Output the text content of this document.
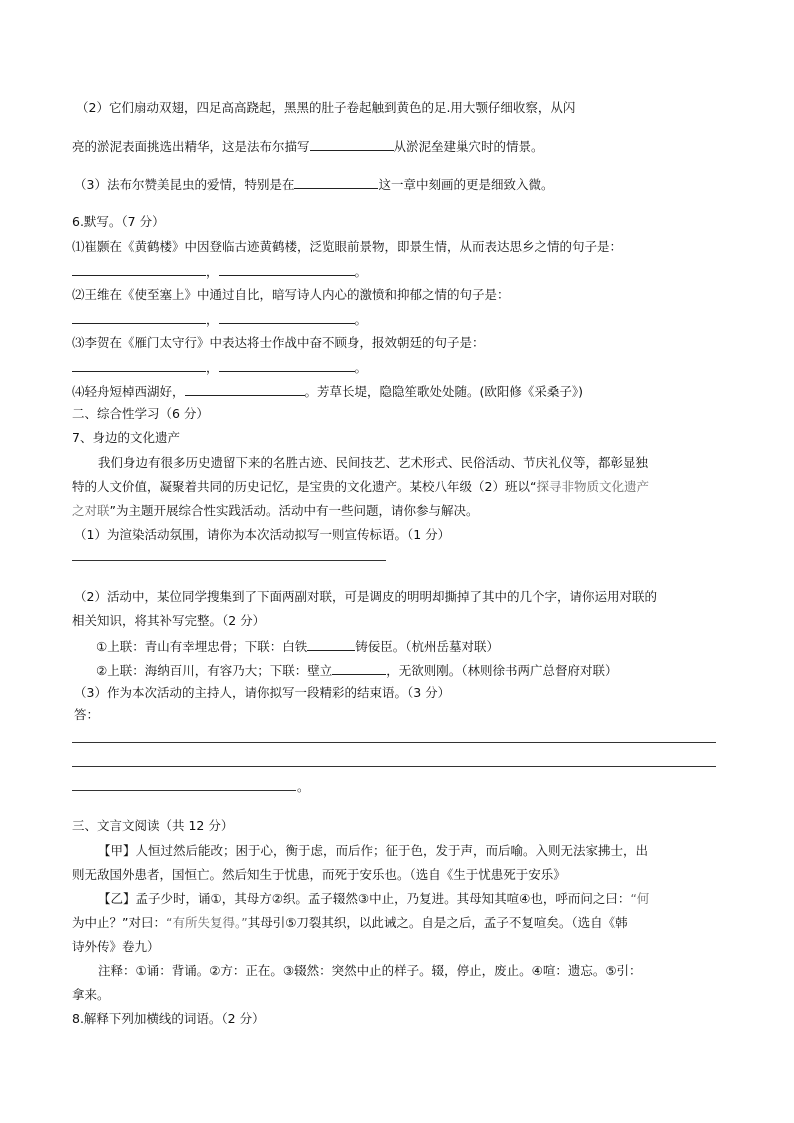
（2）它们扇动双翅，四足高高跷起，黑黑的肚子卷起触到黄色的足.用大颚仔细收察，从闪
亮的淤泥表面挑选出精华，这是法布尔描写	从淤泥垒建巢穴时的情景。
（3）法布尔赞美昆虫的爱情，特别是在	这一章中刻画的更是细致入微。
6.默写。（7 分）
⑴崔颢在《黄鹤楼》中因登临古迹黄鹤楼，泛览眼前景物，即景生情，从而表达思乡之情的句子是：
，	。
⑵王维在《使至塞上》中通过自比，暗写诗人内心的激愤和抑郁之情的句子是：
，	。
⑶李贺在《雁门太守行》中表达将士作战中奋不顾身，报效朝廷的句子是：
，	。
⑷轻舟短棹西湖好，	。芳草长堤，隐隐笙歌处处随。(欧阳修《采桑子》)
二、综合性学习（6 分）
7、身边的文化遗产
我们身边有很多历史遗留下来的名胜古迹、民间技艺、艺术形式、民俗活动、节庆礼仪等，都彰显独
特的人文价值，凝聚着共同的历史记忆，是宝贵的文化遗产。某校八年级（2）班以“探寻非物质文化遗产
之对联”为主题开展综合性实践活动。活动中有一些问题，请你参与解决。
（1）为渲染活动氛围，请你为本次活动拟写一则宣传标语。（1 分）
（2）活动中，某位同学搜集到了下面两副对联，可是调皮的明明却撕掉了其中的几个字，请你运用对联的
相关知识，将其补写完整。（2 分）
①上联：青山有幸埋忠骨；下联：白铁	铸佞臣。（杭州岳墓对联）
②上联：海纳百川，有容乃大；下联：壁立	，无欲则刚。（林则徐书两广总督府对联）
（3）作为本次活动的主持人，请你拟写一段精彩的结束语。（3 分）
答：
。
三、文言文阅读（共 12 分）
【甲】人恒过然后能改；困于心，衡于虑，而后作；征于色，发于声，而后喻。入则无法家拂士，出
则无敌国外患者，国恒亡。然后知生于忧患，而死于安乐也。（选自《生于忧患死于安乐》
【乙】孟子少时，诵①，其母方②织。孟子辍然③中止，乃复进。其母知其喧④也，呼而问之曰：“何
为中止？”对曰：“有所失复得。”其母引⑤刀裂其织，以此诫之。自是之后，孟子不复喧矣。（选自《韩
诗外传》卷九）
注释：①诵：背诵。②方：正在。③辍然：突然中止的样子。辍，停止，废止。④喧：遗忘。⑤引：
拿来。
8.解释下列加横线的词语。（2 分）
